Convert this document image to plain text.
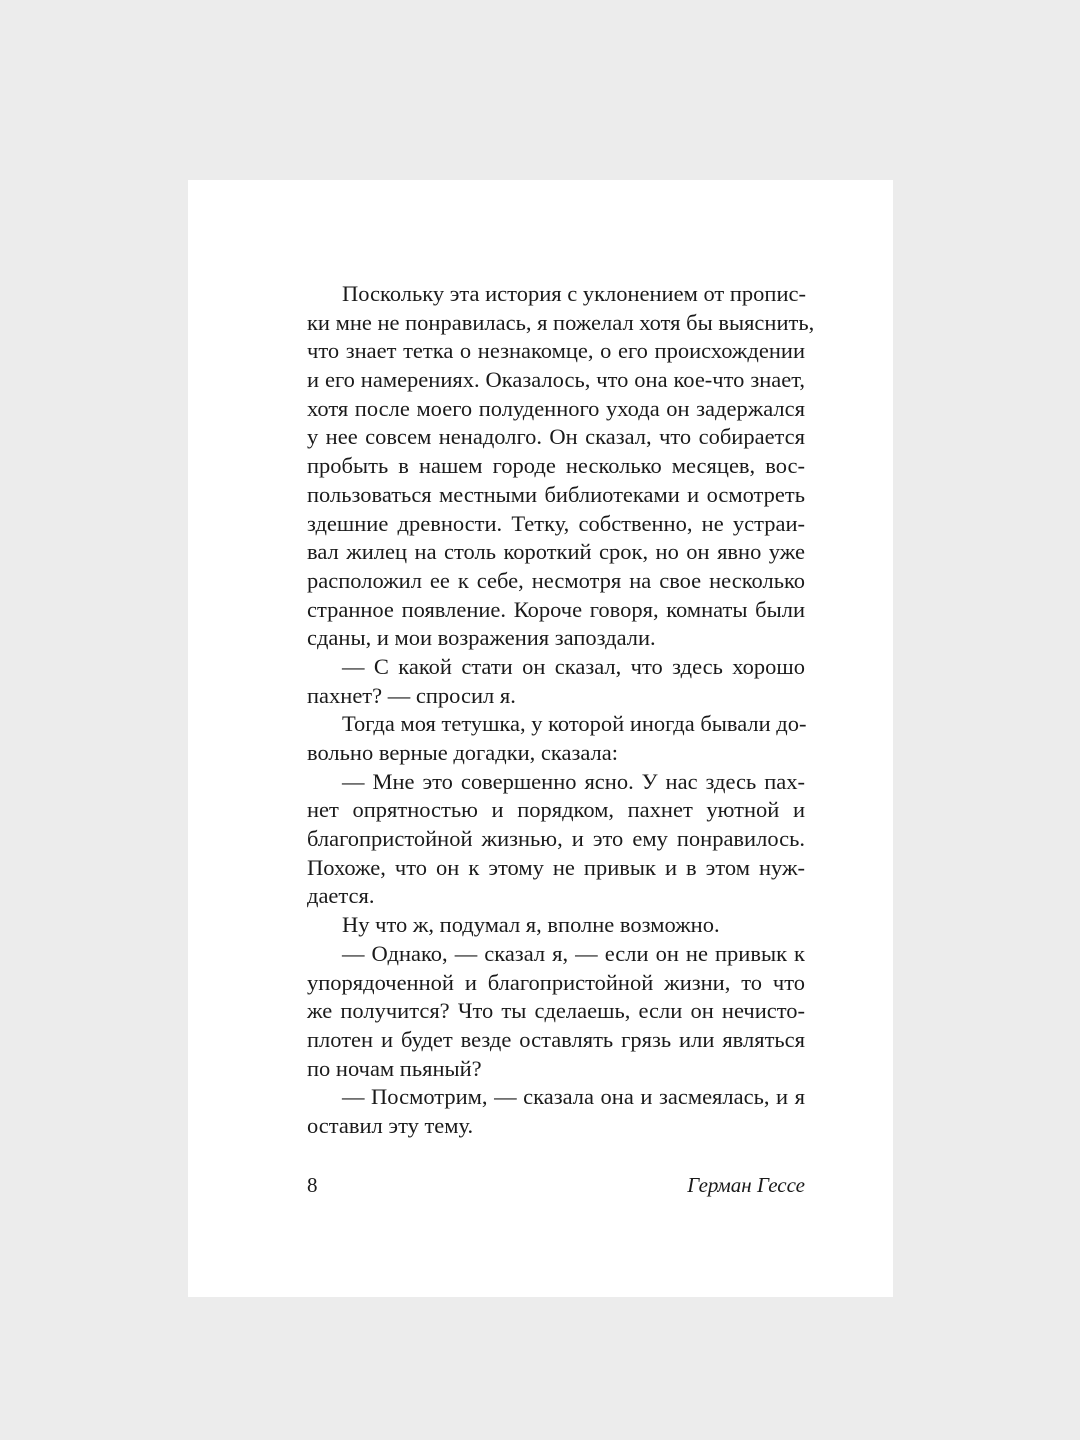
Поскольку эта история с уклонением от пропис-
ки мне не понравилась, я пожелал хотя бы выяснить,
что знает тетка о незнакомце, о его происхождении
и его намерениях. Оказалось, что она кое-что знает,
хотя после моего полуденного ухода он задержался
у нее совсем ненадолго. Он сказал, что собирается
пробыть в нашем городе несколько месяцев, вос-
пользоваться местными библиотеками и осмотреть
здешние древности. Тетку, собственно, не устраи-
вал жилец на столь короткий срок, но он явно уже
расположил ее к себе, несмотря на свое несколько
странное появление. Короче говоря, комнаты были
сданы, и мои возражения запоздали.
— С какой стати он сказал, что здесь хорошо
пахнет? — спросил я.
Тогда моя тетушка, у которой иногда бывали до-
вольно верные догадки, сказала:
— Мне это совершенно ясно. У нас здесь пах-
нет опрятностью и порядком, пахнет уютной и
благопристойной жизнью, и это ему понравилось.
Похоже, что он к этому не привык и в этом нуж-
дается.
Ну что ж, подумал я, вполне возможно.
— Однако, — сказал я, — если он не привык к
упорядоченной и благопристойной жизни, то что
же получится? Что ты сделаешь, если он нечисто-
плотен и будет везде оставлять грязь или являться
по ночам пьяный?
— Посмотрим, — сказала она и засмеялась, и я
оставил эту тему.
8	Герман Гессе
